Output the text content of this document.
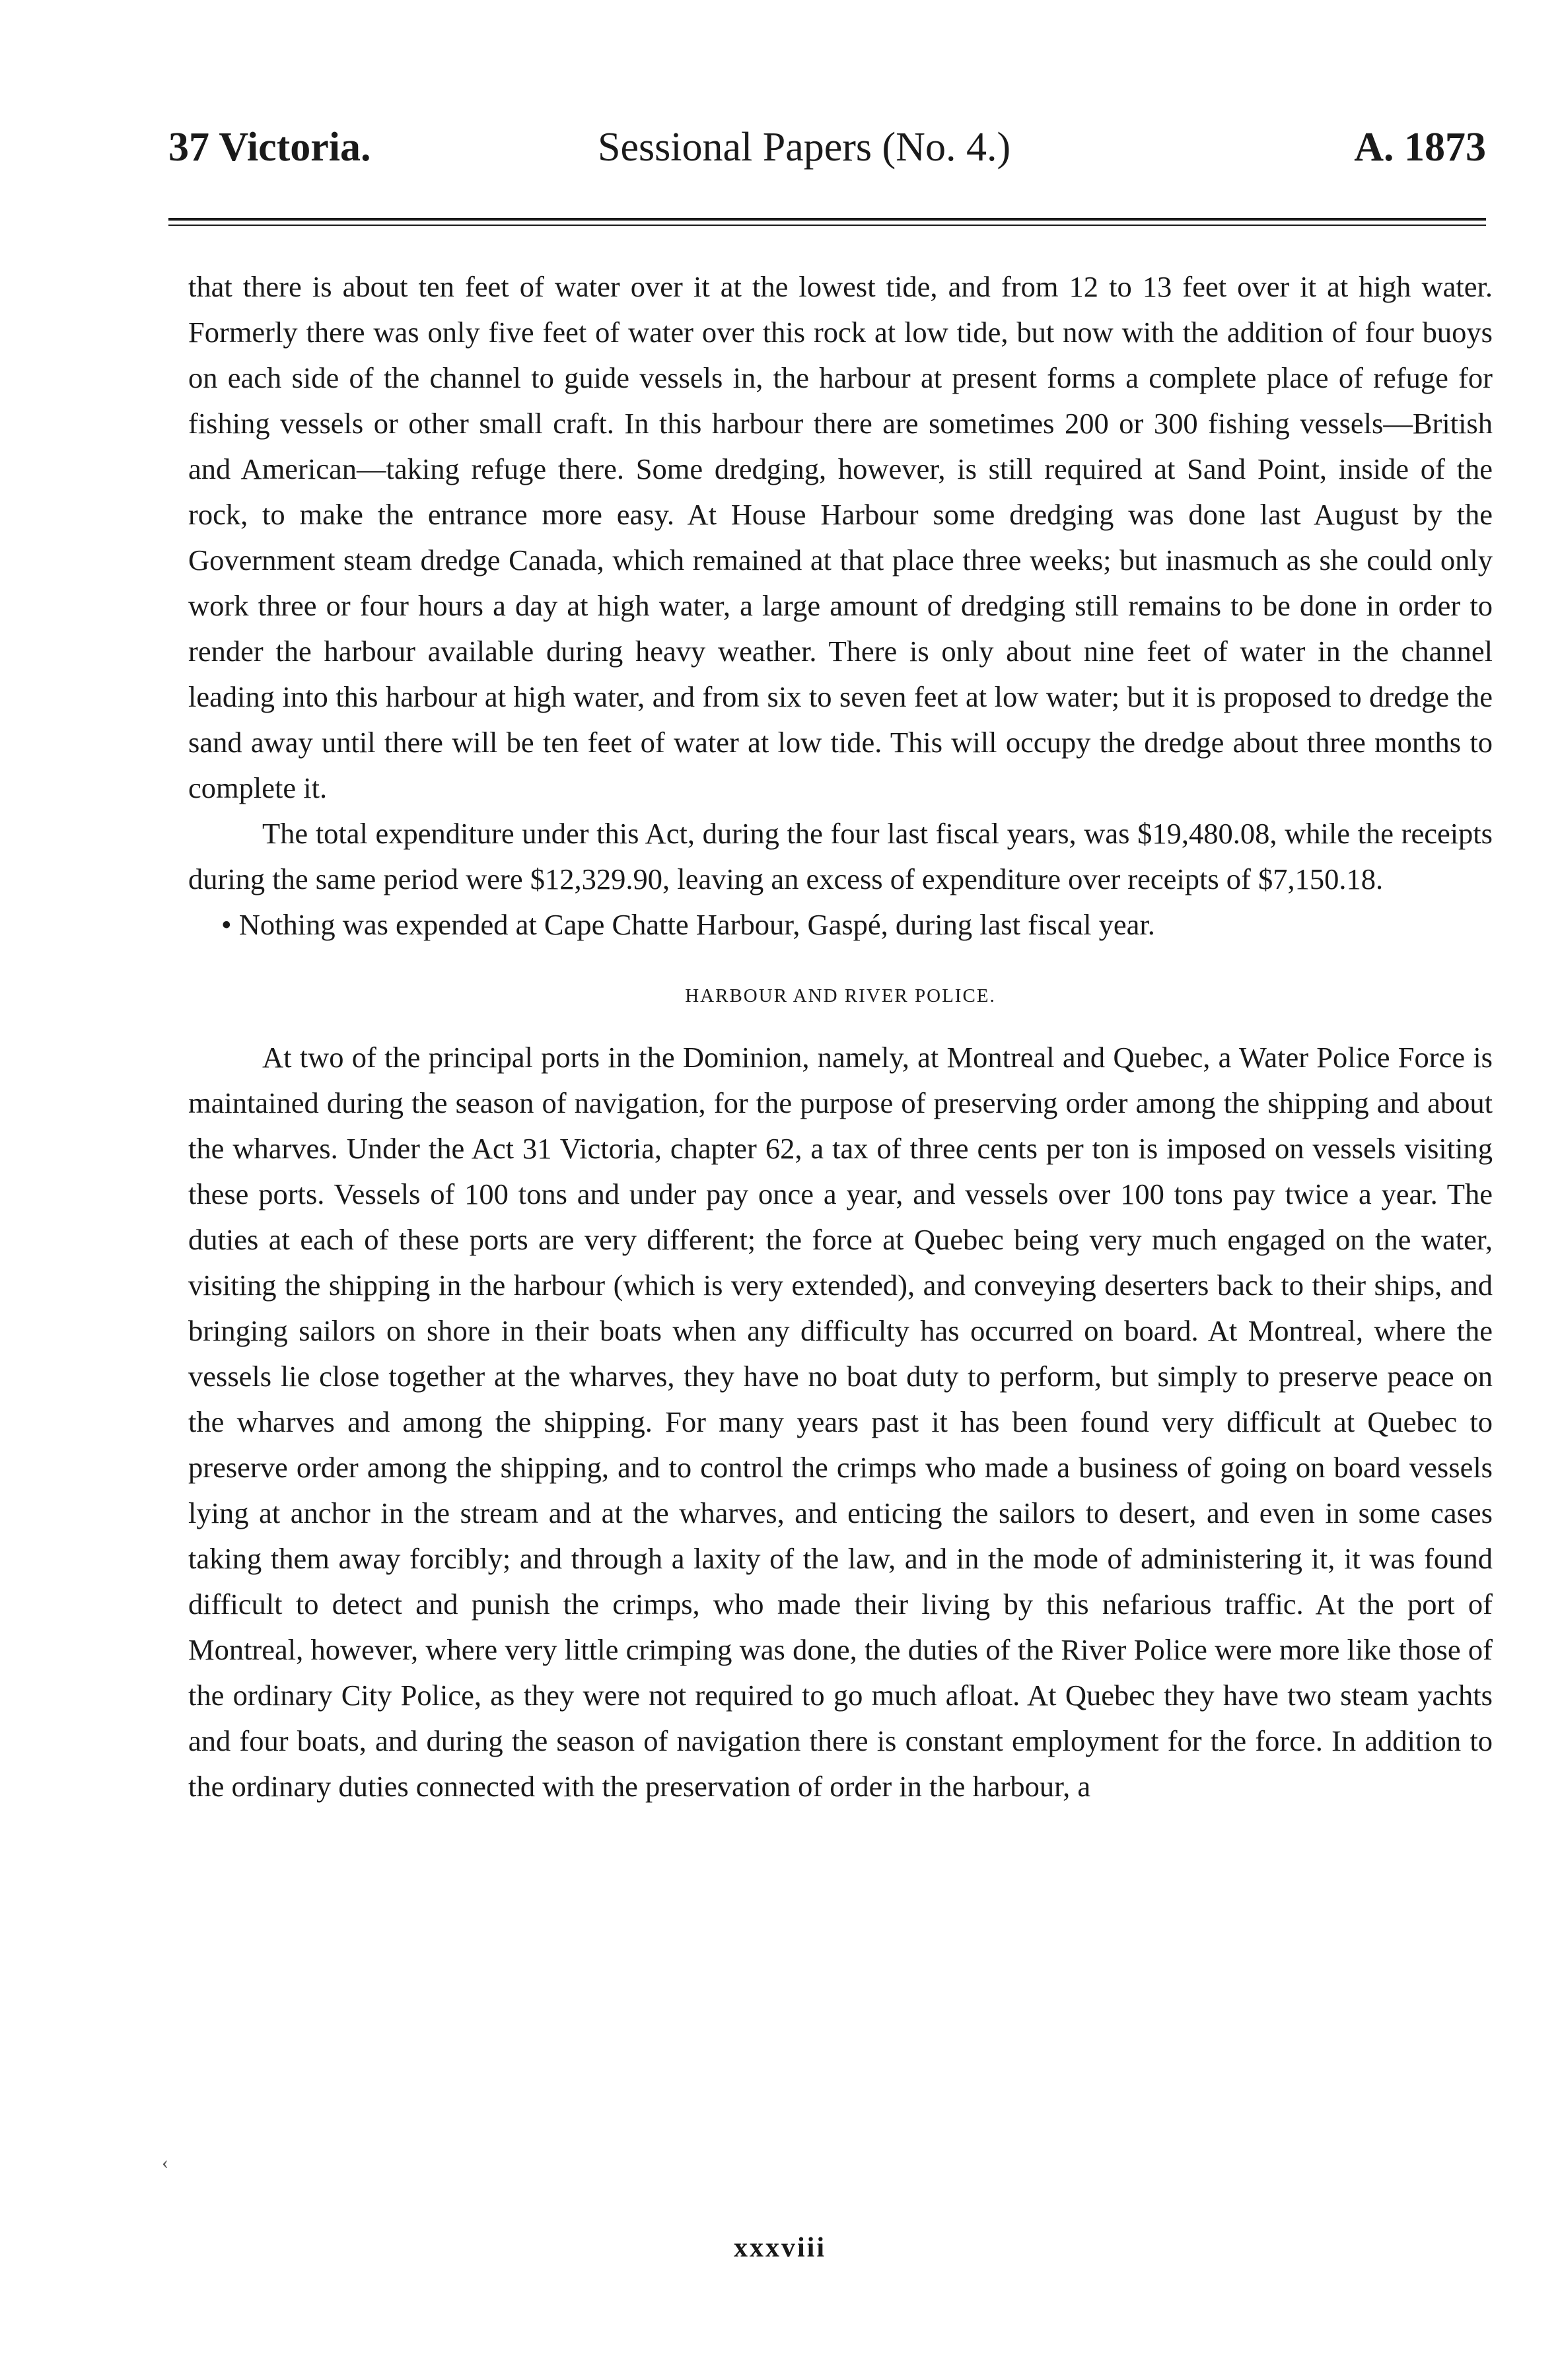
37 Victoria.	Sessional Papers (No. 4.)	A. 1873

that there is about ten feet of water over it at the lowest tide, and from 12 to 13 feet over it at high water. Formerly there was only five feet of water over this rock at low tide, but now with the addition of four buoys on each side of the channel to guide vessels in, the harbour at present forms a complete place of refuge for fishing vessels or other small craft. In this harbour there are sometimes 200 or 300 fishing vessels—British and American—taking refuge there. Some dredging, however, is still required at Sand Point, inside of the rock, to make the entrance more easy. At House Harbour some dredging was done last August by the Government steam dredge Canada, which remained at that place three weeks; but inasmuch as she could only work three or four hours a day at high water, a large amount of dredging still remains to be done in order to render the harbour available during heavy weather. There is only about nine feet of water in the channel leading into this harbour at high water, and from six to seven feet at low water; but it is proposed to dredge the sand away until there will be ten feet of water at low tide. This will occupy the dredge about three months to complete it.

The total expenditure under this Act, during the four last fiscal years, was $19,480.08, while the receipts during the same period were $12,329.90, leaving an excess of expenditure over receipts of $7,150.18.

• Nothing was expended at Cape Chatte Harbour, Gaspé, during last fiscal year.

HARBOUR AND RIVER POLICE.

At two of the principal ports in the Dominion, namely, at Montreal and Quebec, a Water Police Force is maintained during the season of navigation, for the purpose of preserving order among the shipping and about the wharves. Under the Act 31 Victoria, chapter 62, a tax of three cents per ton is imposed on vessels visiting these ports. Vessels of 100 tons and under pay once a year, and vessels over 100 tons pay twice a year. The duties at each of these ports are very different; the force at Quebec being very much engaged on the water, visiting the shipping in the harbour (which is very extended), and conveying deserters back to their ships, and bringing sailors on shore in their boats when any difficulty has occurred on board. At Montreal, where the vessels lie close together at the wharves, they have no boat duty to perform, but simply to preserve peace on the wharves and among the shipping. For many years past it has been found very difficult at Quebec to preserve order among the shipping, and to control the crimps who made a business of going on board vessels lying at anchor in the stream and at the wharves, and enticing the sailors to desert, and even in some cases taking them away forcibly; and through a laxity of the law, and in the mode of administering it, it was found difficult to detect and punish the crimps, who made their living by this nefarious traffic. At the port of Montreal, however, where very little crimping was done, the duties of the River Police were more like those of the ordinary City Police, as they were not required to go much afloat. At Quebec they have two steam yachts and four boats, and during the season of navigation there is constant employment for the force. In addition to the ordinary duties connected with the preservation of order in the harbour, a

‹
xxxviii
